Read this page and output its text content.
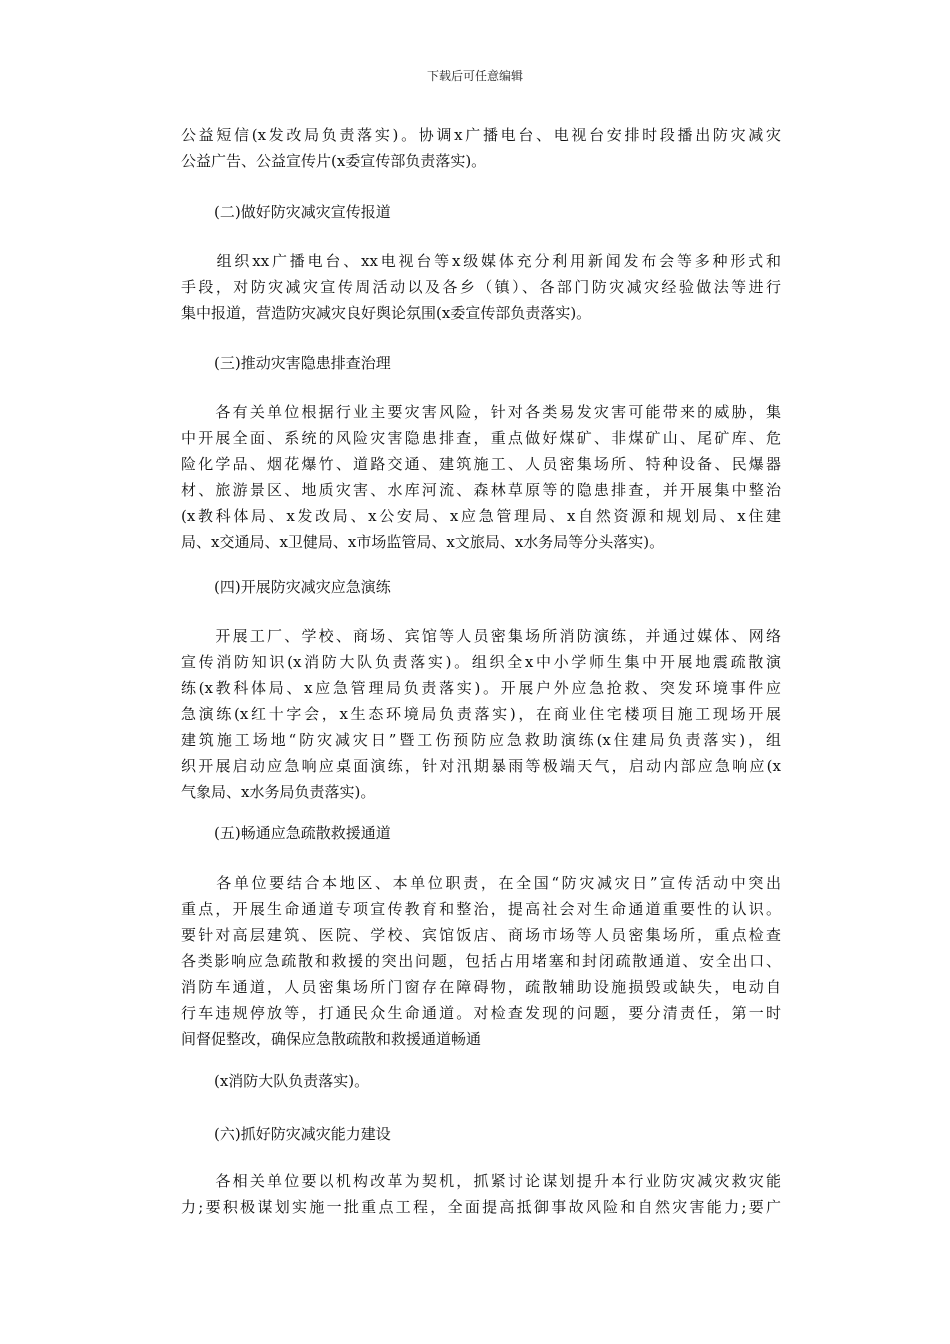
下载后可任意编辑
公益短信(x发改局负责落实)。协调x广播电台、电视台安排时段播出防灾减灾
公益广告、公益宣传片(x委宣传部负责落实)。
(二)做好防灾减灾宣传报道
　　组织xx广播电台、xx电视台等x级媒体充分利用新闻发布会等多种形式和
手段，对防灾减灾宣传周活动以及各乡（镇）、各部门防灾减灾经验做法等进行
集中报道，营造防灾减灾良好舆论氛围(x委宣传部负责落实)。
(三)推动灾害隐患排查治理
　　各有关单位根据行业主要灾害风险，针对各类易发灾害可能带来的威胁，集
中开展全面、系统的风险灾害隐患排查，重点做好煤矿、非煤矿山、尾矿库、危
险化学品、烟花爆竹、道路交通、建筑施工、人员密集场所、特种设备、民爆器
材、旅游景区、地质灾害、水库河流、森林草原等的隐患排查，并开展集中整治
(x教科体局、x发改局、x公安局、x应急管理局、x自然资源和规划局、x住建
局、x交通局、x卫健局、x市场监管局、x文旅局、x水务局等分头落实)。
(四)开展防灾减灾应急演练
　　开展工厂、学校、商场、宾馆等人员密集场所消防演练，并通过媒体、网络
宣传消防知识(x消防大队负责落实)。组织全x中小学师生集中开展地震疏散演
练(x教科体局、x应急管理局负责落实)。开展户外应急抢救、突发环境事件应
急演练(x红十字会，x生态环境局负责落实)，在商业住宅楼项目施工现场开展
建筑施工场地“防灾减灾日”暨工伤预防应急救助演练(x住建局负责落实)，组
织开展启动应急响应桌面演练，针对汛期暴雨等极端天气，启动内部应急响应(x
气象局、x水务局负责落实)。
(五)畅通应急疏散救援通道
　　各单位要结合本地区、本单位职责，在全国“防灾减灾日”宣传活动中突出
重点，开展生命通道专项宣传教育和整治，提高社会对生命通道重要性的认识。
要针对高层建筑、医院、学校、宾馆饭店、商场市场等人员密集场所，重点检查
各类影响应急疏散和救援的突出问题，包括占用堵塞和封闭疏散通道、安全出口、
消防车通道，人员密集场所门窗存在障碍物，疏散辅助设施损毁或缺失，电动自
行车违规停放等，打通民众生命通道。对检查发现的问题，要分清责任，第一时
间督促整改，确保应急散疏散和救援通道畅通
(x消防大队负责落实)。
(六)抓好防灾减灾能力建设
　　各相关单位要以机构改革为契机，抓紧讨论谋划提升本行业防灾减灾救灾能
力;要积极谋划实施一批重点工程，全面提高抵御事故风险和自然灾害能力;要广
